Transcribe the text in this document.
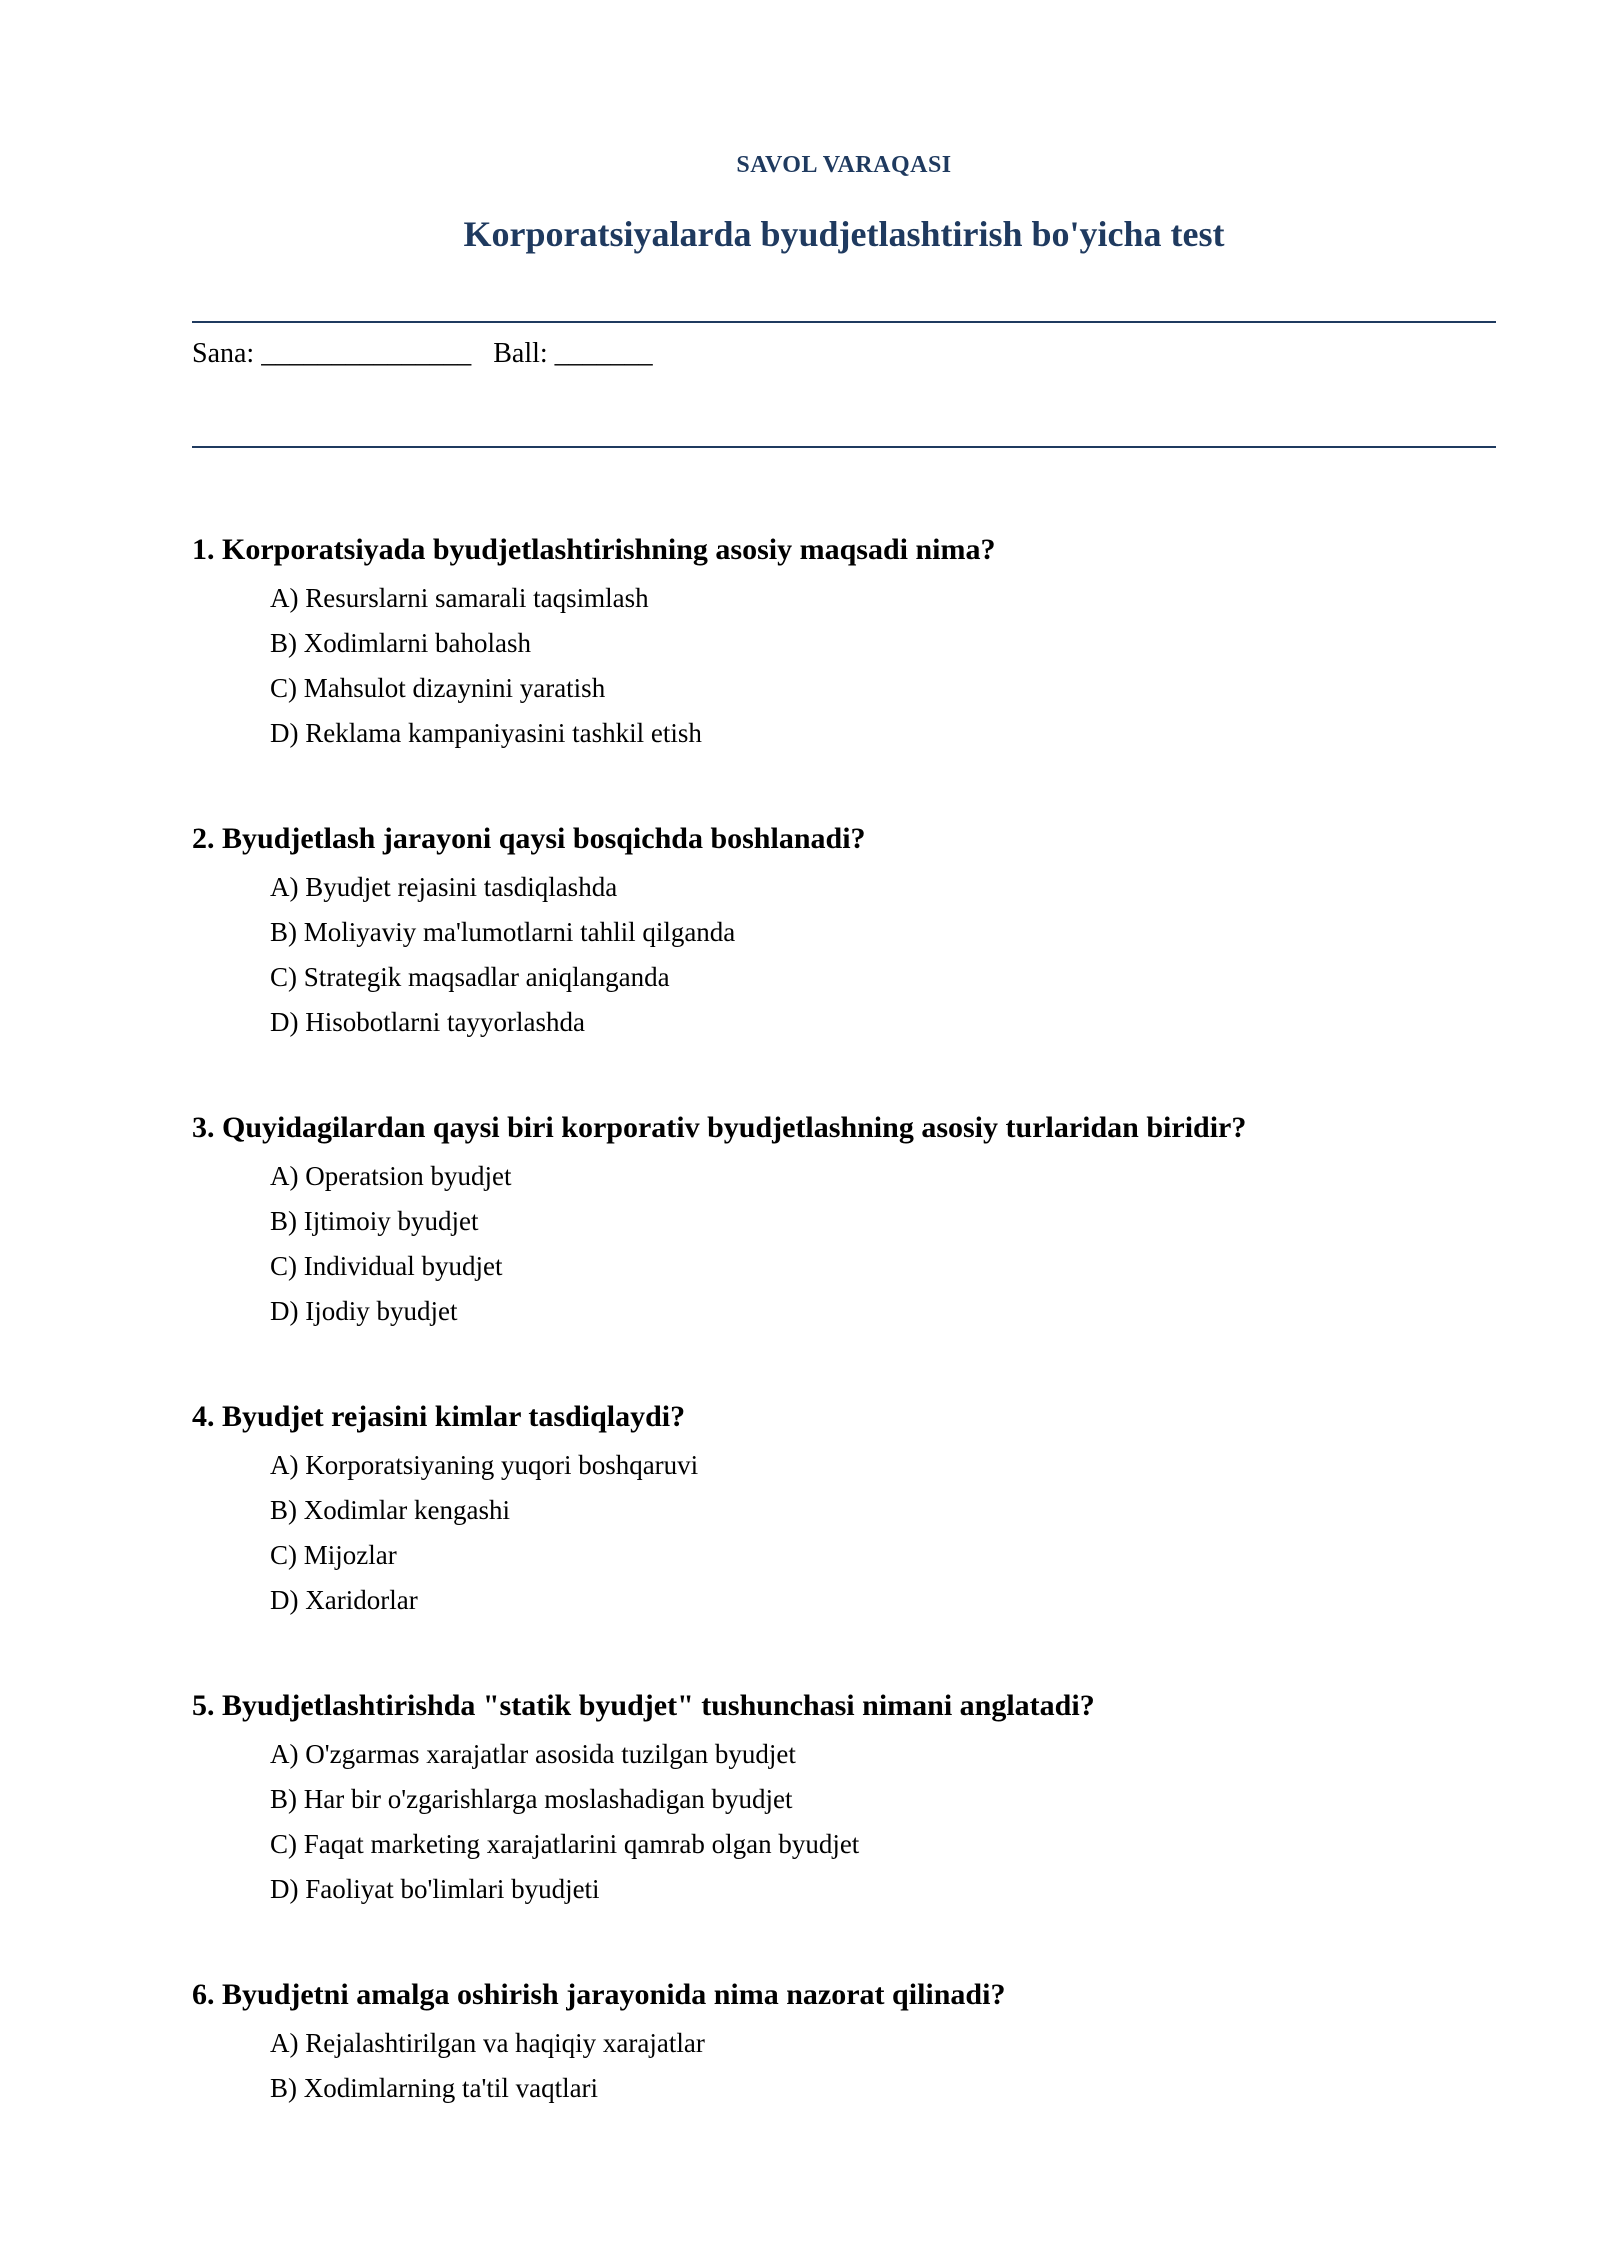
SAVOL VARAQASI
Korporatsiyalarda byudjetlashtirish bo'yicha test
Sana: _______________ Ball: _______
1. Korporatsiyada byudjetlashtirishning asosiy maqsadi nima?
A) Resurslarni samarali taqsimlash
B) Xodimlarni baholash
C) Mahsulot dizaynini yaratish
D) Reklama kampaniyasini tashkil etish
2. Byudjetlash jarayoni qaysi bosqichda boshlanadi?
A) Byudjet rejasini tasdiqlashda
B) Moliyaviy ma'lumotlarni tahlil qilganda
C) Strategik maqsadlar aniqlanganda
D) Hisobotlarni tayyorlashda
3. Quyidagilardan qaysi biri korporativ byudjetlashning asosiy turlaridan biridir?
A) Operatsion byudjet
B) Ijtimoiy byudjet
C) Individual byudjet
D) Ijodiy byudjet
4. Byudjet rejasini kimlar tasdiqlaydi?
A) Korporatsiyaning yuqori boshqaruvi
B) Xodimlar kengashi
C) Mijozlar
D) Xaridorlar
5. Byudjetlashtirishda "statik byudjet" tushunchasi nimani anglatadi?
A) O'zgarmas xarajatlar asosida tuzilgan byudjet
B) Har bir o'zgarishlarga moslashadigan byudjet
C) Faqat marketing xarajatlarini qamrab olgan byudjet
D) Faoliyat bo'limlari byudjeti
6. Byudjetni amalga oshirish jarayonida nima nazorat qilinadi?
A) Rejalashtirilgan va haqiqiy xarajatlar
B) Xodimlarning ta'til vaqtlari
